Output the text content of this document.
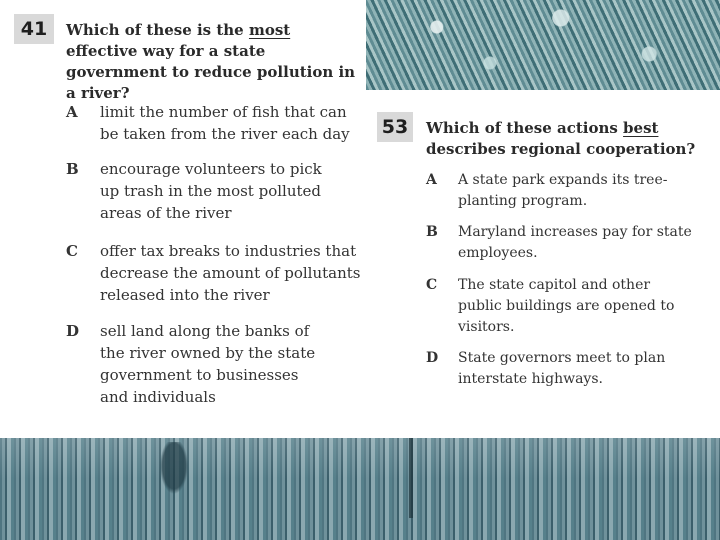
41	Which of these is the most effective way for a state government to reduce pollution in a river?
A limit the number of fish that can be taken from the river each day
B encourage volunteers to pick up trash in the most polluted areas of the river
C offer tax breaks to industries that decrease the amount of pollutants released into the river
D sell land along the banks of the river owned by the state government to businesses and individuals
53	Which of these actions best describes regional cooperation?
A A state park expands its tree-planting program.
B Maryland increases pay for state employees.
C The state capitol and other public buildings are opened to visitors.
D State governors meet to plan interstate highways.
